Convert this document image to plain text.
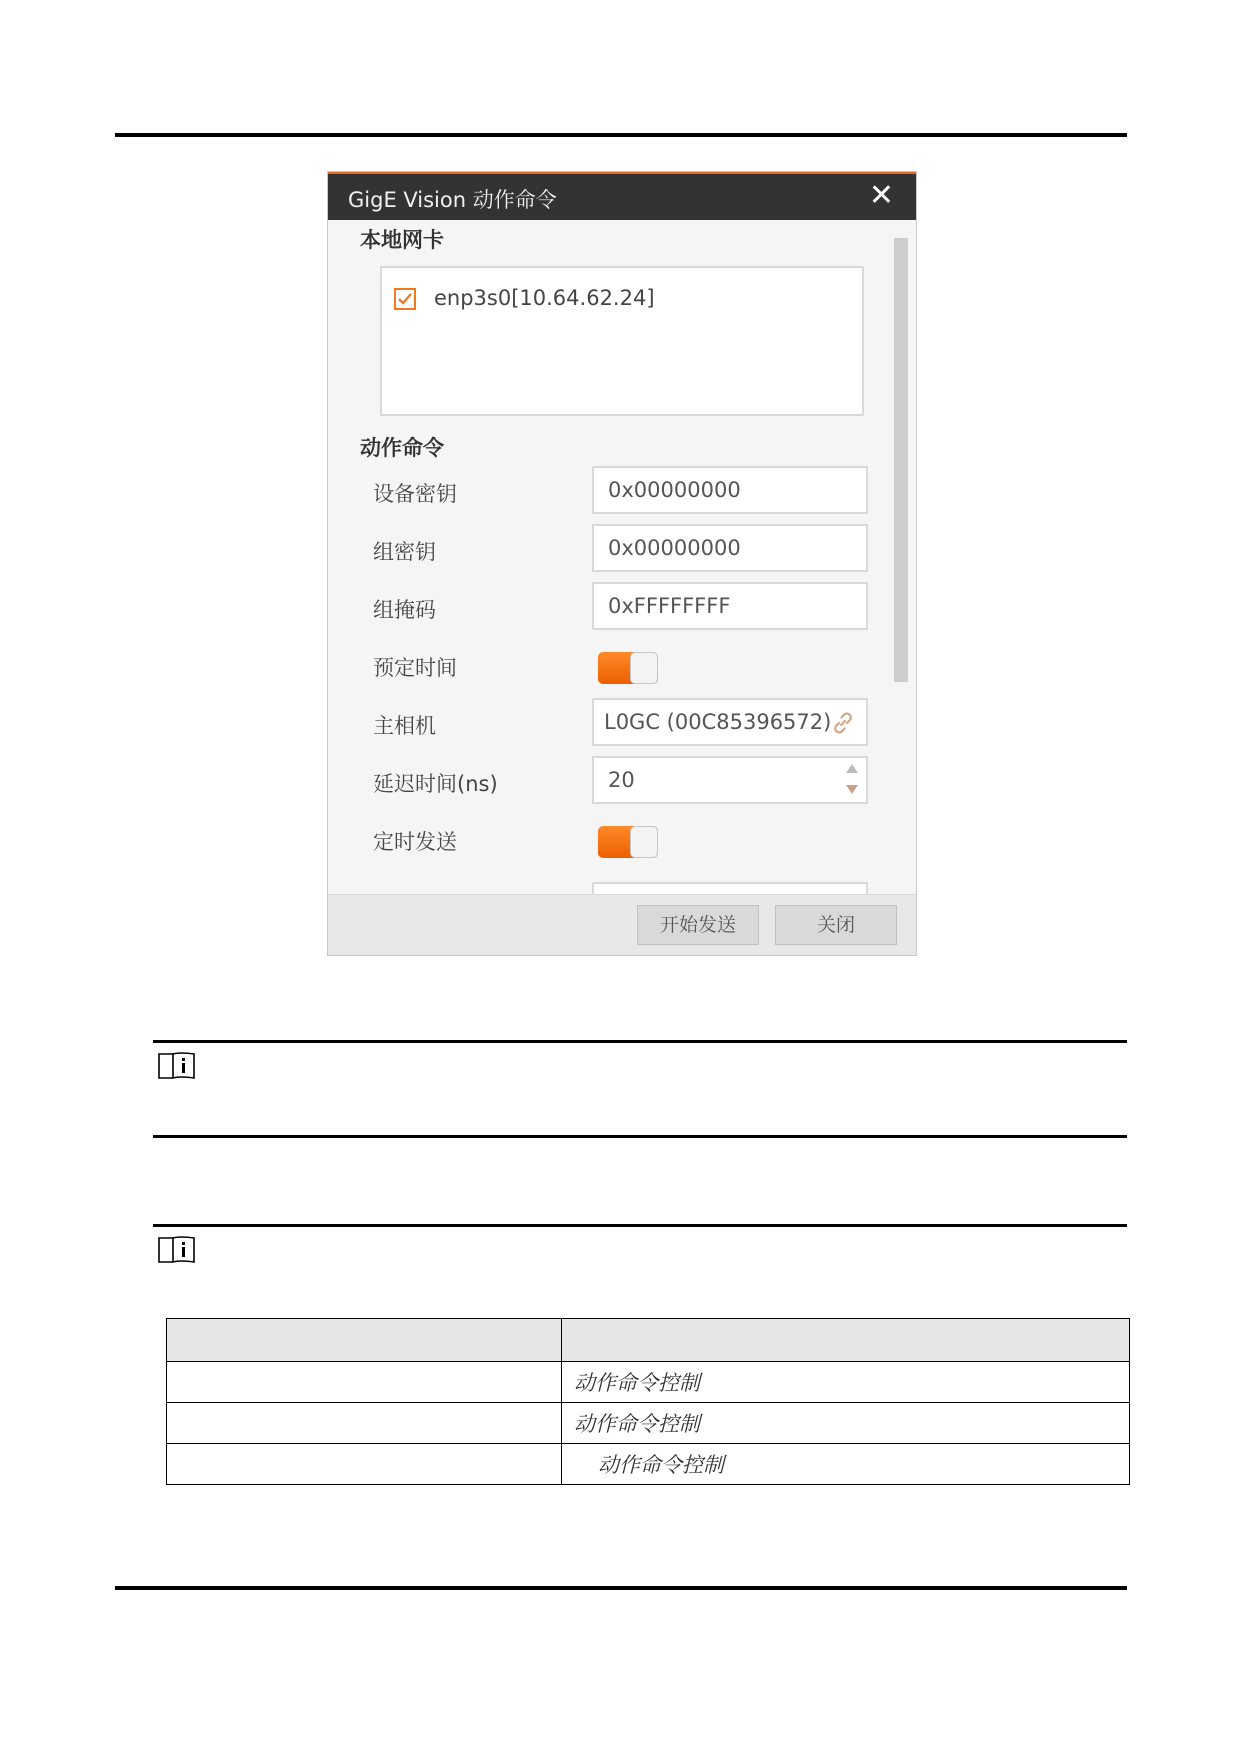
GigE Vision 动作命令	✕
本地网卡
enp3s0[10.64.62.24]
动作命令
设备密钥	0x00000000
组密钥	0x00000000
组掩码	0xFFFFFFFF
预定时间
主相机	L0GC (00C85396572)
延迟时间(ns)	20
定时发送
开始发送	关闭

	动作命令控制
	动作命令控制
	动作命令控制
